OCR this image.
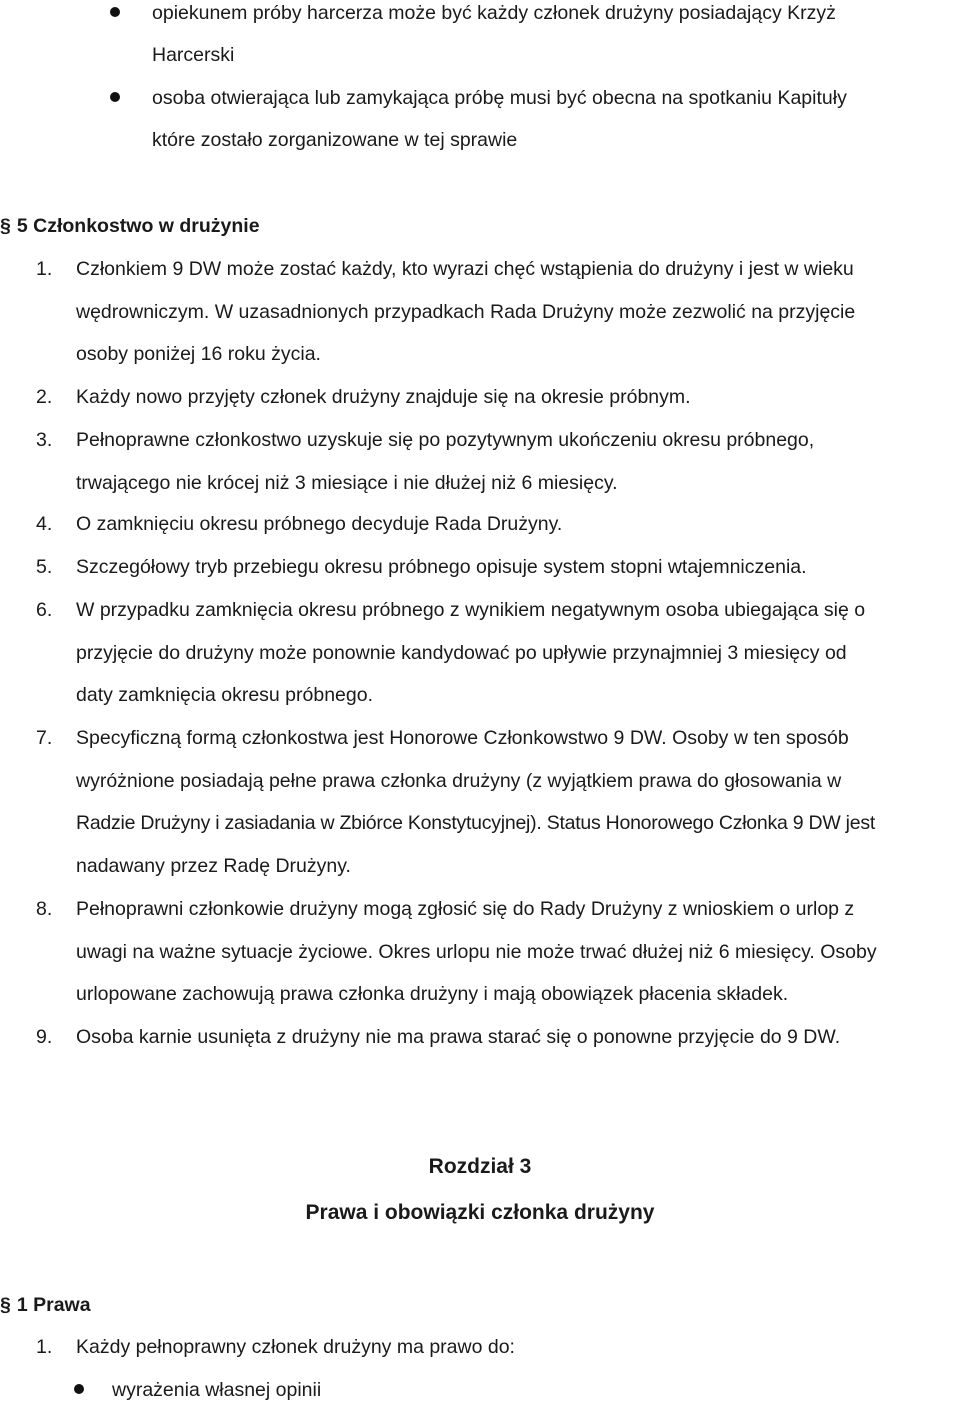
opiekunem próby harcerza może być każdy członek drużyny posiadający Krzyż
Harcerski
osoba otwierająca lub zamykająca próbę musi być obecna na spotkaniu Kapituły
które zostało zorganizowane w tej sprawie
§ 5 Członkostwo w drużynie
1. Członkiem 9 DW może zostać każdy, kto wyrazi chęć wstąpienia do drużyny i jest w wieku
wędrowniczym. W uzasadnionych przypadkach Rada Drużyny może zezwolić na przyjęcie
osoby poniżej 16 roku życia.
2. Każdy nowo przyjęty członek drużyny znajduje się na okresie próbnym.
3. Pełnoprawne członkostwo uzyskuje się po pozytywnym ukończeniu okresu próbnego,
trwającego nie krócej niż 3 miesiące i nie dłużej niż 6 miesięcy.
4. O zamknięciu okresu próbnego decyduje Rada Drużyny.
5. Szczegółowy tryb przebiegu okresu próbnego opisuje system stopni wtajemniczenia.
6. W przypadku zamknięcia okresu próbnego z wynikiem negatywnym osoba ubiegająca się o
przyjęcie do drużyny może ponownie kandydować po upływie przynajmniej 3 miesięcy od
daty zamknięcia okresu próbnego.
7. Specyficzną formą członkostwa jest Honorowe Członkowstwo 9 DW. Osoby w ten sposób
wyróżnione posiadają pełne prawa członka drużyny (z wyjątkiem prawa do głosowania w
Radzie Drużyny i zasiadania w Zbiórce Konstytucyjnej). Status Honorowego Członka 9 DW jest
nadawany przez Radę Drużyny.
8. Pełnoprawni członkowie drużyny mogą zgłosić się do Rady Drużyny z wnioskiem o urlop z
uwagi na ważne sytuacje życiowe. Okres urlopu nie może trwać dłużej niż 6 miesięcy. Osoby
urlopowane zachowują prawa członka drużyny i mają obowiązek płacenia składek.
9. Osoba karnie usunięta z drużyny nie ma prawa starać się o ponowne przyjęcie do 9 DW.
Rozdział 3
Prawa i obowiązki członka drużyny
§ 1 Prawa
1. Każdy pełnoprawny członek drużyny ma prawo do:
wyrażenia własnej opinii
